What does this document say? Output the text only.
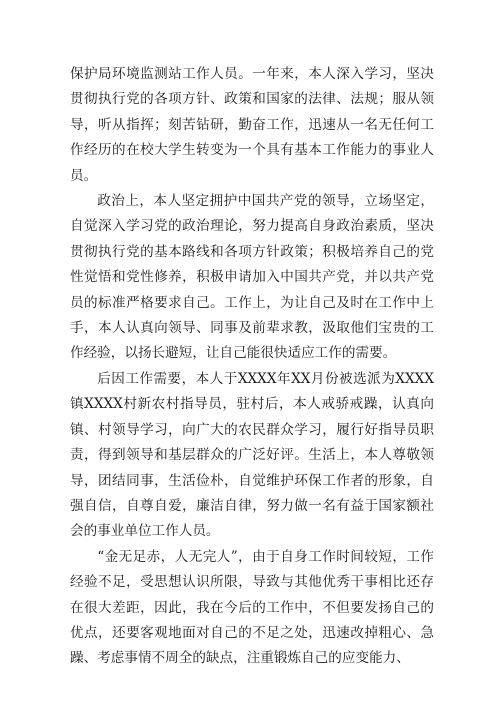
保护局环境监测站工作人员。一年来，本人深入学习，坚决贯彻执行党的各项方针、政策和国家的法律、法规；服从领导，听从指挥；刻苦钻研，勤奋工作，迅速从一名无任何工作经历的在校大学生转变为一个具有基本工作能力的事业人员。

政治上，本人坚定拥护中国共产党的领导，立场坚定，自觉深入学习党的政治理论，努力提高自身政治素质，坚决贯彻执行党的基本路线和各项方针政策；积极培养自己的党性觉悟和党性修养，积极申请加入中国共产党，并以共产党员的标准严格要求自己。工作上，为让自己及时在工作中上手，本人认真向领导、同事及前辈求教，汲取他们宝贵的工作经验，以扬长避短，让自己能很快适应工作的需要。

后因工作需要，本人于XXXX年XX月份被选派为XXXX镇XXXX村新农村指导员，驻村后，本人戒骄戒躁，认真向镇、村领导学习，向广大的农民群众学习，履行好指导员职责，得到领导和基层群众的广泛好评。生活上，本人尊敬领导，团结同事，生活俭朴，自觉维护环保工作者的形象，自强自信，自尊自爱，廉洁自律，努力做一名有益于国家额社会的事业单位工作人员。

“金无足赤，人无完人”，由于自身工作时间较短，工作经验不足，受思想认识所限，导致与其他优秀干事相比还存在很大差距，因此，我在今后的工作中，不但要发扬自己的优点，还要客观地面对自己的不足之处，迅速改掉粗心、急躁、考虑事情不周全的缺点，注重锻炼自己的应变能力、
